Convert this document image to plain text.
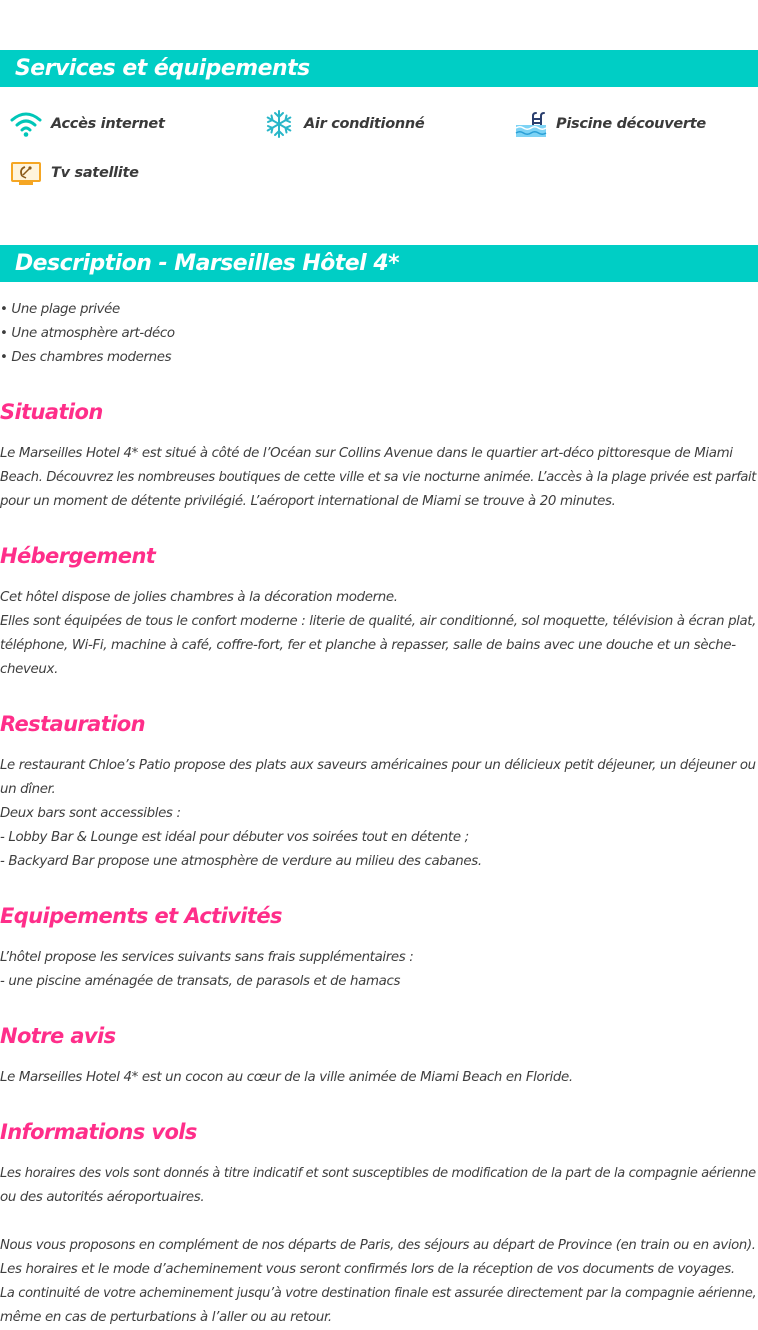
Services et équipements
Accès internet	Air conditionné	Piscine découverte
Tv satellite
Description - Marseilles Hôtel 4*

• Une plage privée

• Une atmosphère art-déco

• Des chambres modernes

Situation

Le Marseilles Hotel 4* est situé à côté de l’Océan sur Collins Avenue dans le quartier art-déco pittoresque de Miami

Beach. Découvrez les nombreuses boutiques de cette ville et sa vie nocturne animée. L’accès à la plage privée est parfait

pour un moment de détente privilégié. L’aéroport international de Miami se trouve à 20 minutes.

Hébergement

Cet hôtel dispose de jolies chambres à la décoration moderne.

Elles sont équipées de tous le confort moderne : literie de qualité, air conditionné, sol moquette, télévision à écran plat,

téléphone, Wi-Fi, machine à café, coffre-fort, fer et planche à repasser, salle de bains avec une douche et un sèche-

cheveux.

Restauration

Le restaurant Chloe’s Patio propose des plats aux saveurs américaines pour un délicieux petit déjeuner, un déjeuner ou

un dîner.

Deux bars sont accessibles :

- Lobby Bar & Lounge est idéal pour débuter vos soirées tout en détente ;

- Backyard Bar propose une atmosphère de verdure au milieu des cabanes.

Equipements et Activités

L’hôtel propose les services suivants sans frais supplémentaires :

- une piscine aménagée de transats, de parasols et de hamacs

Notre avis

Le Marseilles Hotel 4* est un cocon au cœur de la ville animée de Miami Beach en Floride.

Informations vols

Les horaires des vols sont donnés à titre indicatif et sont susceptibles de modification de la part de la compagnie aérienne

ou des autorités aéroportuaires.

Nous vous proposons en complément de nos départs de Paris, des séjours au départ de Province (en train ou en avion).

Les horaires et le mode d’acheminement vous seront confirmés lors de la réception de vos documents de voyages.

La continuité de votre acheminement jusqu’à votre destination finale est assurée directement par la compagnie aérienne,

même en cas de perturbations à l’aller ou au retour.
